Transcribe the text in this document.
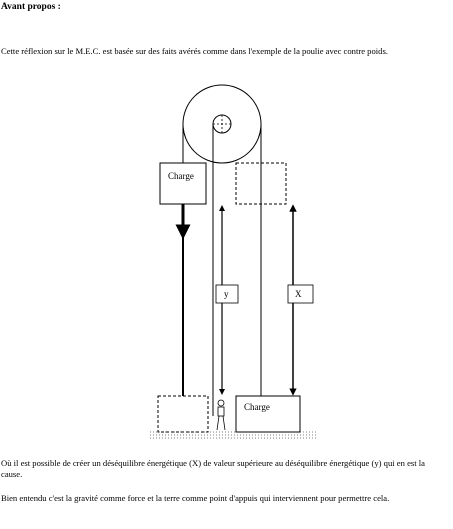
Avant propos :

Cette réflexion sur le M.E.C. est basée sur des faits avérés comme dans l'exemple de la poulie avec contre poids.

Charge
y	X
Charge

Où il est possible de créer un déséquilibre énergétique (X) de valeur supérieure au déséquilibre énergétique (y) qui en est la cause.

Bien entendu c'est la gravité comme force et la terre comme point d'appuis qui interviennent pour permettre cela.
